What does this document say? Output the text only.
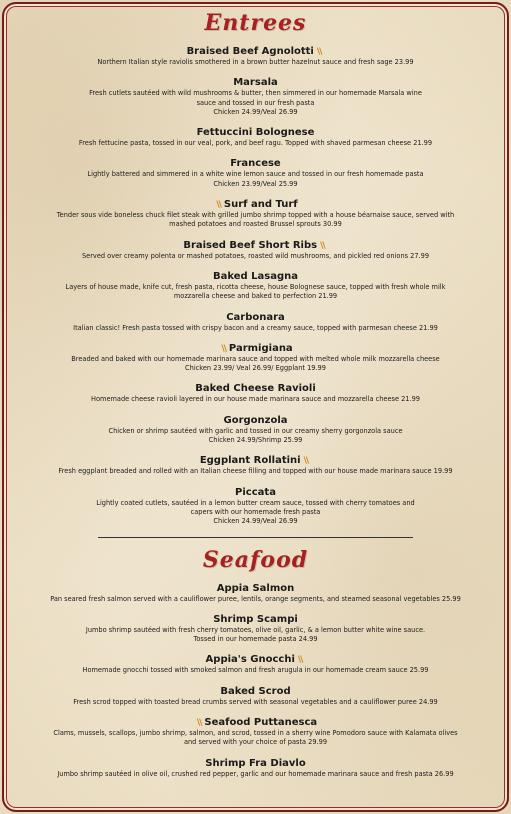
Entrees
Braised Beef Agnolotti \\
Northern Italian style raviolis smothered in a brown butter hazelnut sauce and fresh sage 23.99
Marsala
Fresh cutlets sautéed with wild mushrooms & butter, then simmered in our homemade Marsala wine
sauce and tossed in our fresh pasta
Chicken 24.99/Veal 26.99
Fettuccini Bolognese
Fresh fettucine pasta, tossed in our veal, pork, and beef ragu. Topped with shaved parmesan cheese 21.99
Francese
Lightly battered and simmered in a white wine lemon sauce and tossed in our fresh homemade pasta
Chicken 23.99/Veal 25.99
\\ Surf and Turf
Tender sous vide boneless chuck filet steak with grilled jumbo shrimp topped with a house béarnaise sauce, served with
mashed potatoes and roasted Brussel sprouts 30.99
Braised Beef Short Ribs \\
Served over creamy polenta or mashed potatoes, roasted wild mushrooms, and pickled red onions 27.99
Baked Lasagna
Layers of house made, knife cut, fresh pasta, ricotta cheese, house Bolognese sauce, topped with fresh whole milk
mozzarella cheese and baked to perfection 21.99
Carbonara
Italian classic! Fresh pasta tossed with crispy bacon and a creamy sauce, topped with parmesan cheese 21.99
\\ Parmigiana
Breaded and baked with our homemade marinara sauce and topped with melted whole milk mozzarella cheese
Chicken 23.99/ Veal 26.99/ Eggplant 19.99
Baked Cheese Ravioli
Homemade cheese ravioli layered in our house made marinara sauce and mozzarella cheese 21.99
Gorgonzola
Chicken or shrimp sautéed with garlic and tossed in our creamy sherry gorgonzola sauce
Chicken 24.99/Shrimp 25.99
Eggplant Rollatini \\
Fresh eggplant breaded and rolled with an Italian cheese filling and topped with our house made marinara sauce 19.99
Piccata
Lightly coated cutlets, sautéed in a lemon butter cream sauce, tossed with cherry tomatoes and
capers with our homemade fresh pasta
Chicken 24.99/Veal 26.99
Seafood
Appia Salmon
Pan seared fresh salmon served with a cauliflower puree, lentils, orange segments, and steamed seasonal vegetables 25.99
Shrimp Scampi
Jumbo shrimp sautéed with fresh cherry tomatoes, olive oil, garlic, & a lemon butter white wine sauce.
Tossed in our homemade pasta 24.99
Appia's Gnocchi \\
Homemade gnocchi tossed with smoked salmon and fresh arugula in our homemade cream sauce 25.99
Baked Scrod
Fresh scrod topped with toasted bread crumbs served with seasonal vegetables and a cauliflower puree 24.99
\\ Seafood Puttanesca
Clams, mussels, scallops, jumbo shrimp, salmon, and scrod, tossed in a sherry wine Pomodoro sauce with Kalamata olives
and served with your choice of pasta 29.99
Shrimp Fra Diavlo
Jumbo shrimp sautéed in olive oil, crushed red pepper, garlic and our homemade marinara sauce and fresh pasta 26.99
